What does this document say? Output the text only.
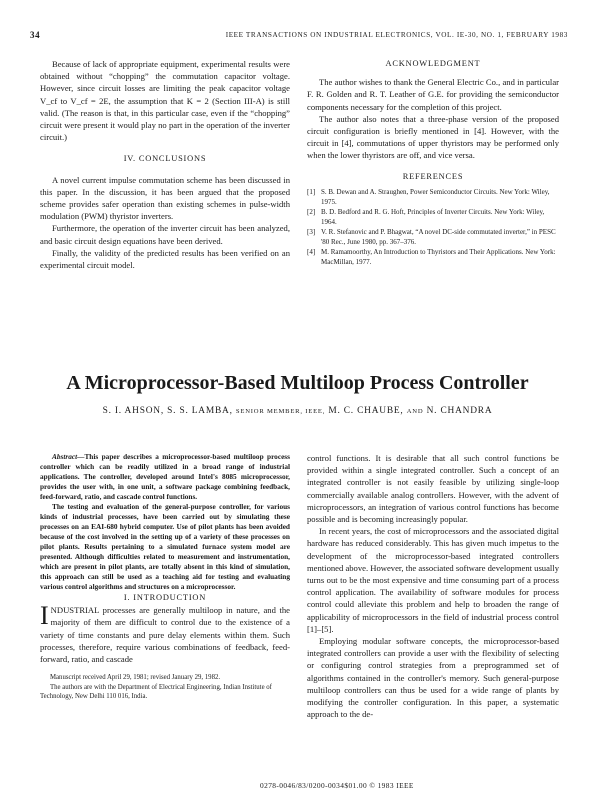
34	IEEE TRANSACTIONS ON INDUSTRIAL ELECTRONICS, VOL. IE-30, NO. 1, FEBRUARY 1983

Because of lack of appropriate equipment, experimental results were obtained without “chopping” the commutation capacitor voltage. However, since circuit losses are limiting the peak capacitor voltage V_cf to V_cf = 2E, the assumption that K = 2 (Section III-A) is still valid. (The reason is that, in this particular case, even if the “chopping” circuit were present it would play no part in the operation of the inverter circuit.)

IV. CONCLUSIONS

A novel current impulse commutation scheme has been discussed in this paper. In the discussion, it has been argued that the proposed scheme provides safer operation than existing schemes in pulse-width modulation (PWM) thyristor inverters.

Furthermore, the operation of the inverter circuit has been analyzed, and basic circuit design equations have been derived.

Finally, the validity of the predicted results has been verified on an experimental circuit model.

ACKNOWLEDGMENT

The author wishes to thank the General Electric Co., and in particular F. R. Golden and R. T. Leather of G.E. for providing the semiconductor components necessary for the completion of this project.

The author also notes that a three-phase version of the proposed circuit configuration is briefly mentioned in [4]. However, with the circuit in [4], commutations of upper thyristors may be performed only when the lower thyristors are off, and vice versa.

REFERENCES

[1] S. B. Dewan and A. Straughen, Power Semiconductor Circuits. New York: Wiley, 1975.
[2] B. D. Bedford and R. G. Hoft, Principles of Inverter Circuits. New York: Wiley, 1964.
[3] V. R. Stefanovic and P. Bhagwat, “A novel DC-side commutated inverter,” in PESC '80 Rec., June 1980, pp. 367–376.
[4] M. Ramamoorthy, An Introduction to Thyristors and Their Applications. New York: MacMillan, 1977.
A Microprocessor-Based Multiloop Process Controller

S. I. AHSON, S. S. LAMBA, SENIOR MEMBER, IEEE, M. C. CHAUBE, AND N. CHANDRA

Abstract—This paper describes a microprocessor-based multiloop process controller which can be readily utilized in a broad range of industrial applications. The controller, developed around Intel's 8085 microprocessor, provides the user with, in one unit, a software package combining feedback, feed-forward, ratio, and cascade control functions.

The testing and evaluation of the general-purpose controller, for various kinds of industrial processes, have been carried out by simulating these processes on an EAI-680 hybrid computer. Use of pilot plants has been avoided because of the cost involved in the setting up of a variety of these processes on pilot plants. Results pertaining to a simulated furnace system model are presented. Although difficulties related to measurement and instrumentation, which are present in pilot plants, are totally absent in this kind of simulation, this approach can still be used as a teaching aid for testing and evaluating various control algorithms and structures on a microprocessor.

I. INTRODUCTION

INDUSTRIAL processes are generally multiloop in nature, and the majority of them are difficult to control due to the existence of a variety of time constants and pure delay elements within them. Such processes, therefore, require various combinations of feedback, feed-forward, ratio, and cascade

Manuscript received April 29, 1981; revised January 29, 1982.

The authors are with the Department of Electrical Engineering, Indian Institute of Technology, New Delhi 110 016, India.

control functions. It is desirable that all such control functions be provided within a single integrated controller. Such a concept of an integrated controller is not easily feasible by utilizing single-loop commercially available analog controllers. However, with the advent of microprocessors, an integration of various control functions has become possible and is becoming increasingly popular.

In recent years, the cost of microprocessors and the associated digital hardware has reduced considerably. This has given much impetus to the development of the microprocessor-based integrated controllers mentioned above. However, the associated software development usually turns out to be the most expensive and time consuming part of a process control application. The availability of software modules for process control could alleviate this problem and help to broaden the range of applicability of microprocessors in the field of industrial process control [1]–[5].

Employing modular software concepts, the microprocessor-based integrated controllers can provide a user with the flexibility of selecting or configuring control strategies from a preprogrammed set of algorithms contained in the controller's memory. Such general-purpose multiloop controllers can thus be used for a wide range of plants by modifying the controller configuration. In this paper, a systematic approach to the de-

0278-0046/83/0200-0034$01.00 © 1983 IEEE
